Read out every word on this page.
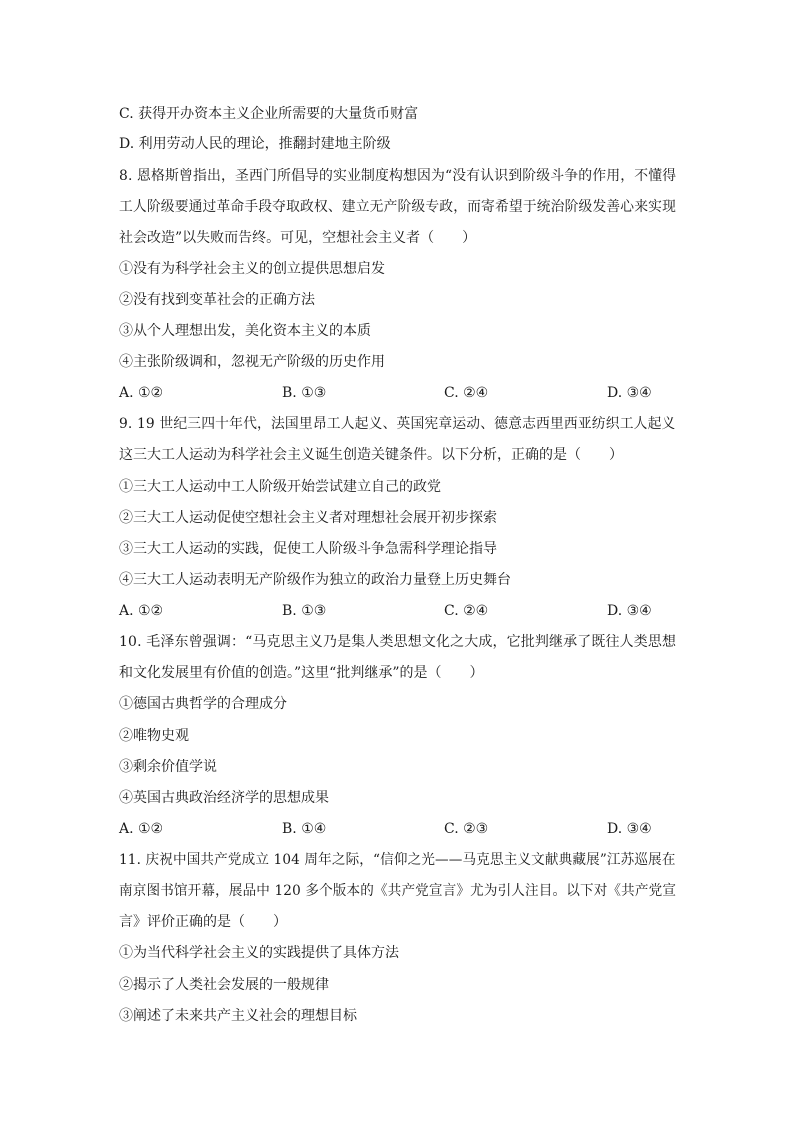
C. 获得开办资本主义企业所需要的大量货币财富
D. 利用劳动人民的理论，推翻封建地主阶级
8. 恩格斯曾指出，圣西门所倡导的实业制度构想因为“没有认识到阶级斗争的作用，不懂得
工人阶级要通过革命手段夺取政权、建立无产阶级专政，而寄希望于统治阶级发善心来实现
社会改造”以失败而告终。可见，空想社会主义者（　　）
①没有为科学社会主义的创立提供思想启发
②没有找到变革社会的正确方法
③从个人理想出发，美化资本主义的本质
④主张阶级调和，忽视无产阶级的历史作用
A. ①②	B. ①③	C. ②④	D. ③④
9. 19 世纪三四十年代，法国里昂工人起义、英国宪章运动、德意志西里西亚纺织工人起义
这三大工人运动为科学社会主义诞生创造关键条件。以下分析，正确的是（　　）
①三大工人运动中工人阶级开始尝试建立自己的政党
②三大工人运动促使空想社会主义者对理想社会展开初步探索
③三大工人运动的实践，促使工人阶级斗争急需科学理论指导
④三大工人运动表明无产阶级作为独立的政治力量登上历史舞台
A. ①②	B. ①③	C. ②④	D. ③④
10. 毛泽东曾强调：“马克思主义乃是集人类思想文化之大成，它批判继承了既往人类思想
和文化发展里有价值的创造。”这里“批判继承”的是（　　）
①德国古典哲学的合理成分
②唯物史观
③剩余价值学说
④英国古典政治经济学的思想成果
A. ①②	B. ①④	C. ②③	D. ③④
11. 庆祝中国共产党成立 104 周年之际，“信仰之光——马克思主义文献典藏展”江苏巡展在
南京图书馆开幕，展品中 120 多个版本的《共产党宣言》尤为引人注目。以下对《共产党宣
言》评价正确的是（　　）
①为当代科学社会主义的实践提供了具体方法
②揭示了人类社会发展的一般规律
③阐述了未来共产主义社会的理想目标
